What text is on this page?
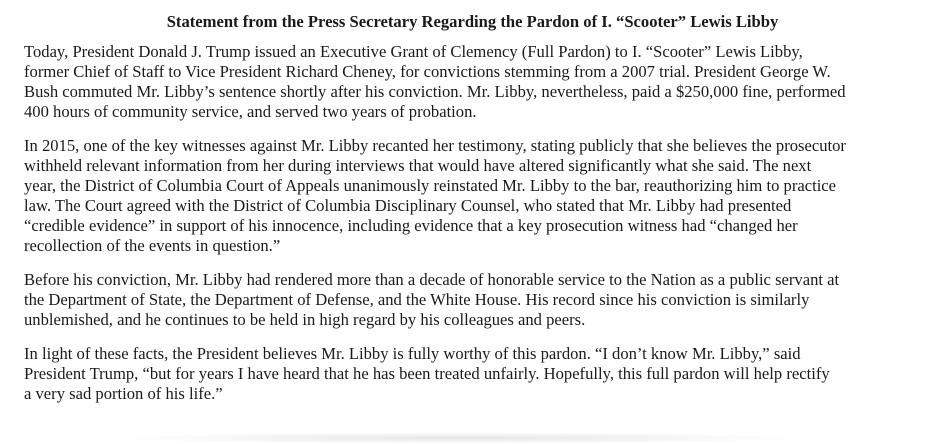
Statement from the Press Secretary Regarding the Pardon of I. “Scooter” Lewis Libby
Today, President Donald J. Trump issued an Executive Grant of Clemency (Full Pardon) to I. “Scooter” Lewis Libby,
former Chief of Staff to Vice President Richard Cheney, for convictions stemming from a 2007 trial. President George W.
Bush commuted Mr. Libby’s sentence shortly after his conviction. Mr. Libby, nevertheless, paid a $250,000 fine, performed
400 hours of community service, and served two years of probation.
In 2015, one of the key witnesses against Mr. Libby recanted her testimony, stating publicly that she believes the prosecutor
withheld relevant information from her during interviews that would have altered significantly what she said. The next
year, the District of Columbia Court of Appeals unanimously reinstated Mr. Libby to the bar, reauthorizing him to practice
law. The Court agreed with the District of Columbia Disciplinary Counsel, who stated that Mr. Libby had presented
“credible evidence” in support of his innocence, including evidence that a key prosecution witness had “changed her
recollection of the events in question.”
Before his conviction, Mr. Libby had rendered more than a decade of honorable service to the Nation as a public servant at
the Department of State, the Department of Defense, and the White House. His record since his conviction is similarly
unblemished, and he continues to be held in high regard by his colleagues and peers.
In light of these facts, the President believes Mr. Libby is fully worthy of this pardon. “I don’t know Mr. Libby,” said
President Trump, “but for years I have heard that he has been treated unfairly. Hopefully, this full pardon will help rectify
a very sad portion of his life.”
